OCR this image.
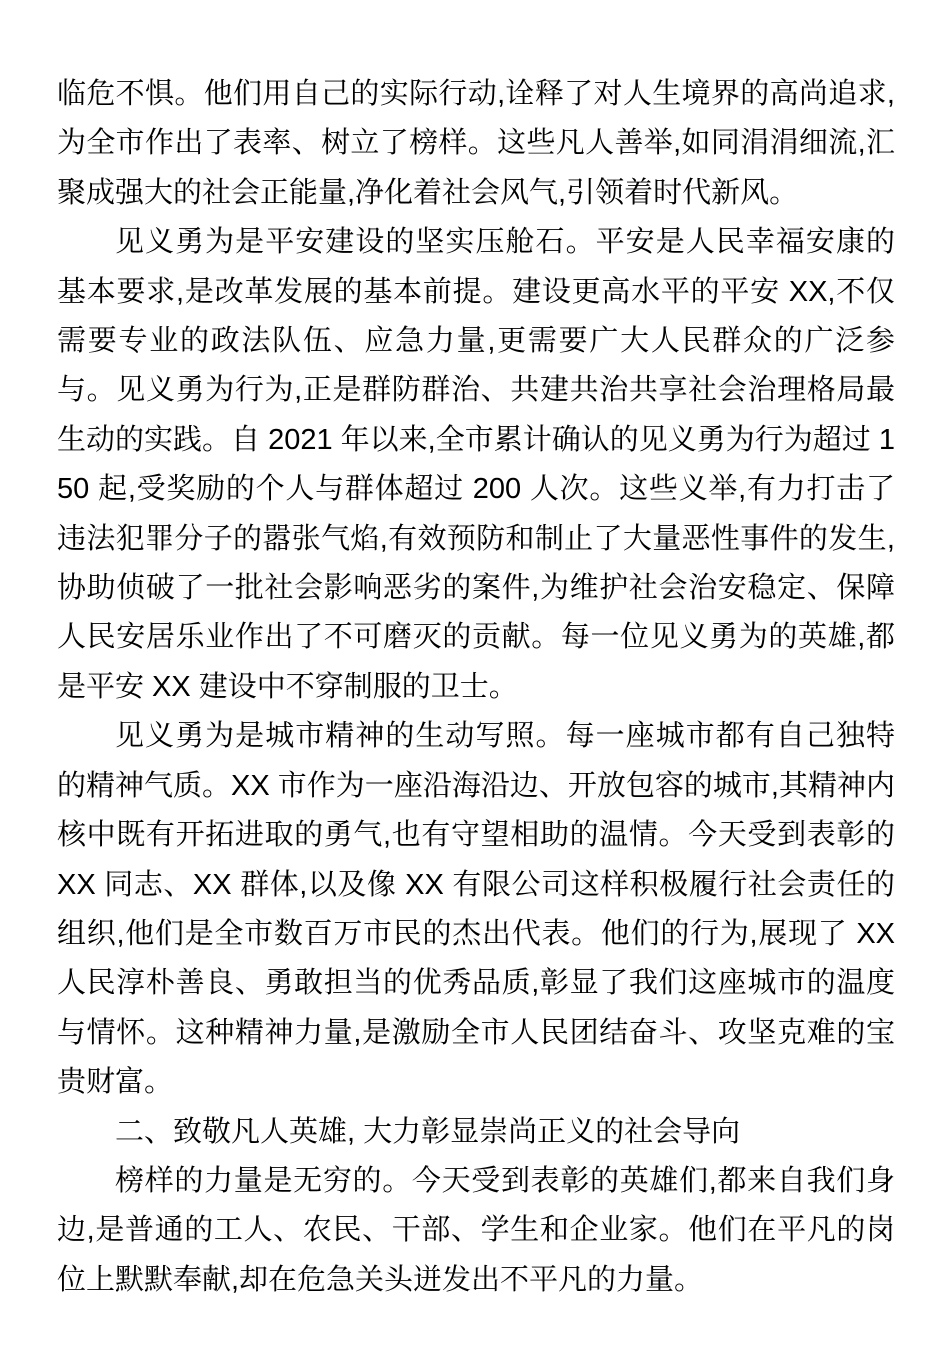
临危不惧。他们用自己的实际行动,诠释了对人生境界的高尚追求,为全市作出了表率、树立了榜样。这些凡人善举,如同涓涓细流,汇聚成强大的社会正能量,净化着社会风气,引领着时代新风。

见义勇为是平安建设的坚实压舱石。平安是人民幸福安康的基本要求,是改革发展的基本前提。建设更高水平的平安 XX,不仅需要专业的政法队伍、应急力量,更需要广大人民群众的广泛参与。见义勇为行为,正是群防群治、共建共治共享社会治理格局最生动的实践。自 2021 年以来,全市累计确认的见义勇为行为超过 150 起,受奖励的个人与群体超过 200 人次。这些义举,有力打击了违法犯罪分子的嚣张气焰,有效预防和制止了大量恶性事件的发生,协助侦破了一批社会影响恶劣的案件,为维护社会治安稳定、保障人民安居乐业作出了不可磨灭的贡献。每一位见义勇为的英雄,都是平安 XX 建设中不穿制服的卫士。

见义勇为是城市精神的生动写照。每一座城市都有自己独特的精神气质。XX 市作为一座沿海沿边、开放包容的城市,其精神内核中既有开拓进取的勇气,也有守望相助的温情。今天受到表彰的 XX 同志、XX 群体,以及像 XX 有限公司这样积极履行社会责任的组织,他们是全市数百万市民的杰出代表。他们的行为,展现了 XX 人民淳朴善良、勇敢担当的优秀品质,彰显了我们这座城市的温度与情怀。这种精神力量,是激励全市人民团结奋斗、攻坚克难的宝贵财富。

二、致敬凡人英雄, 大力彰显崇尚正义的社会导向

榜样的力量是无穷的。今天受到表彰的英雄们,都来自我们身边,是普通的工人、农民、干部、学生和企业家。他们在平凡的岗位上默默奉献,却在危急关头迸发出不平凡的力量。
